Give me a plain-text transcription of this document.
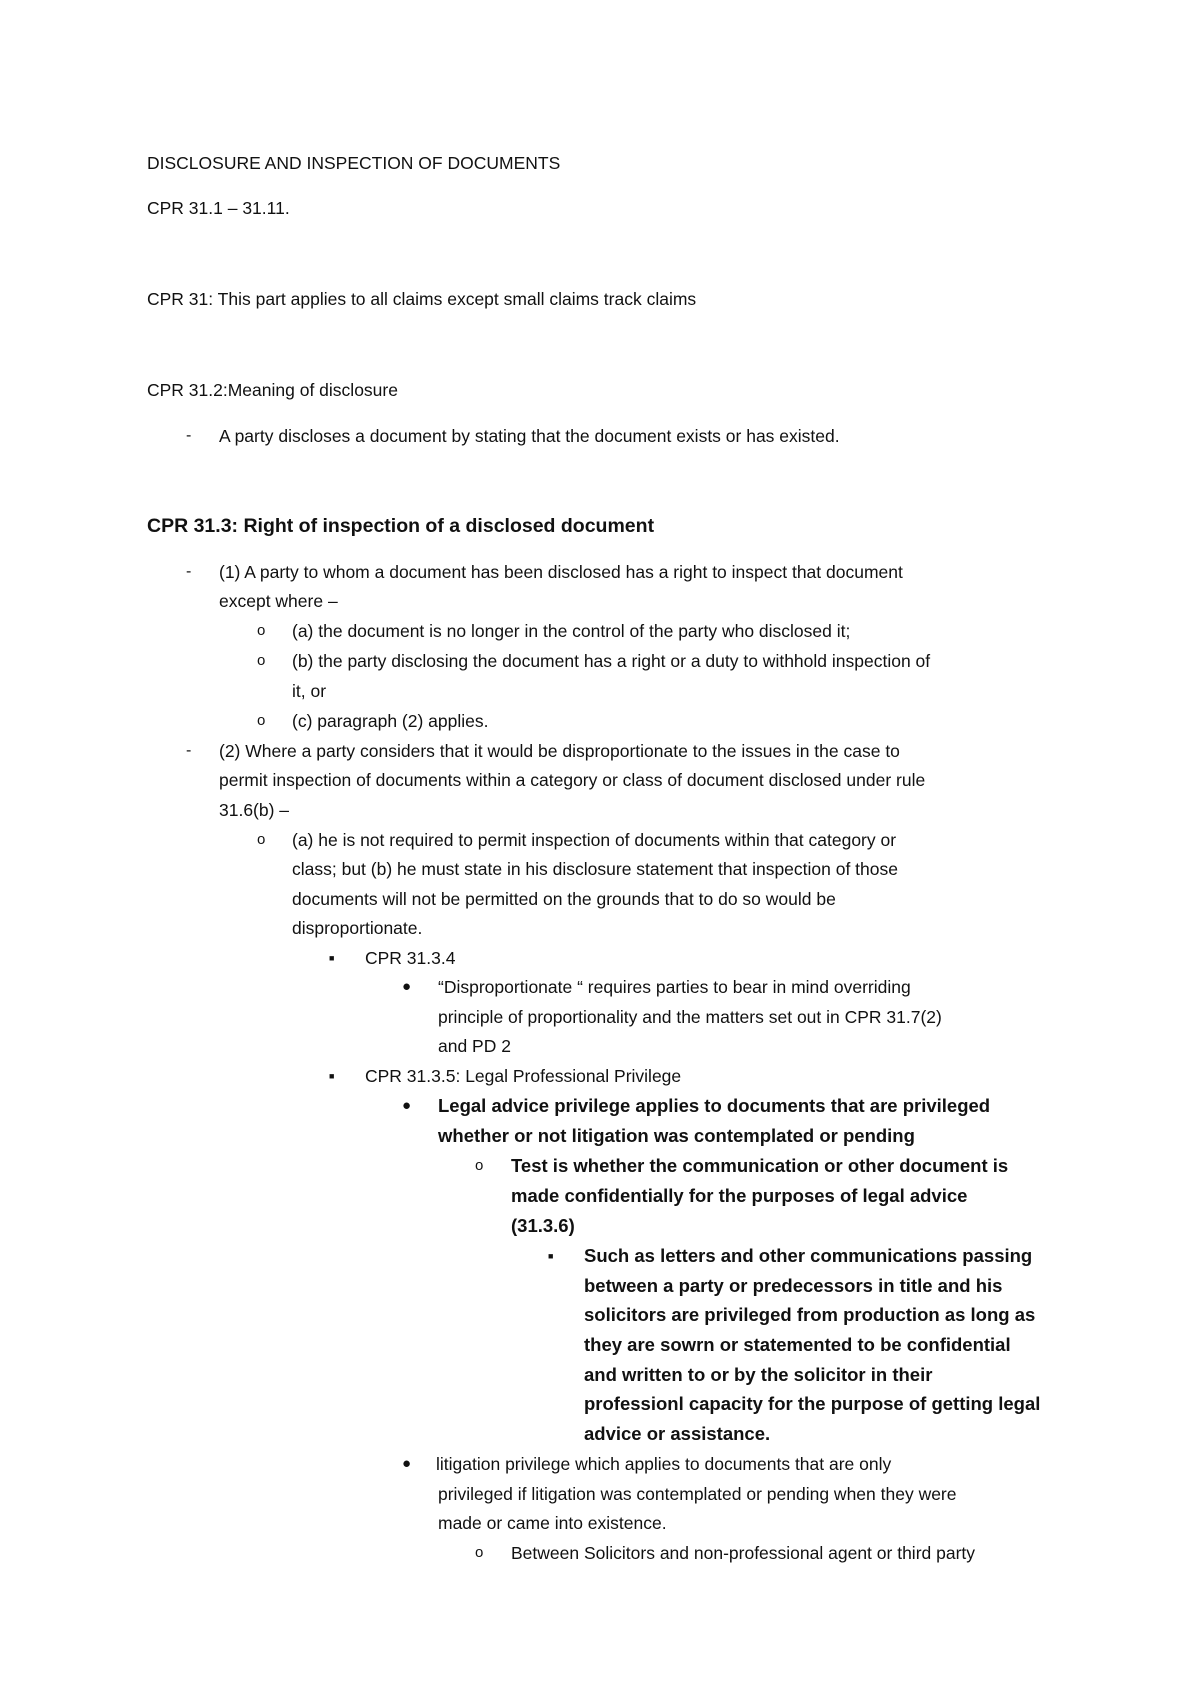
DISCLOSURE AND INSPECTION OF DOCUMENTS
CPR 31.1 – 31.11.
CPR 31: This part applies to all claims except small claims track claims
CPR 31.2:Meaning of disclosure
- A party discloses a document by stating that the document exists or has existed.
CPR 31.3: Right of inspection of a disclosed document
- (1) A party to whom a document has been disclosed has a right to inspect that document
except where –
o (a) the document is no longer in the control of the party who disclosed it;
o (b) the party disclosing the document has a right or a duty to withhold inspection of
it, or
o (c) paragraph (2) applies.
- (2) Where a party considers that it would be disproportionate to the issues in the case to
permit inspection of documents within a category or class of document disclosed under rule
31.6(b) –
o (a) he is not required to permit inspection of documents within that category or
class; but (b) he must state in his disclosure statement that inspection of those
documents will not be permitted on the grounds that to do so would be
disproportionate.
■ CPR 31.3.4
● “Disproportionate “ requires parties to bear in mind overriding
principle of proportionality and the matters set out in CPR 31.7(2)
and PD 2
■ CPR 31.3.5: Legal Professional Privilege
● Legal advice privilege applies to documents that are privileged
whether or not litigation was contemplated or pending
o Test is whether the communication or other document is
made confidentially for the purposes of legal advice
(31.3.6)
■ Such as letters and other communications passing
between a party or predecessors in title and his
solicitors are privileged from production as long as
they are sowrn or statemented to be confidential
and written to or by the solicitor in their
professionl capacity for the purpose of getting legal
advice or assistance.
● litigation privilege which applies to documents that are only
privileged if litigation was contemplated or pending when they were
made or came into existence.
o Between Solicitors and non-professional agent or third party
